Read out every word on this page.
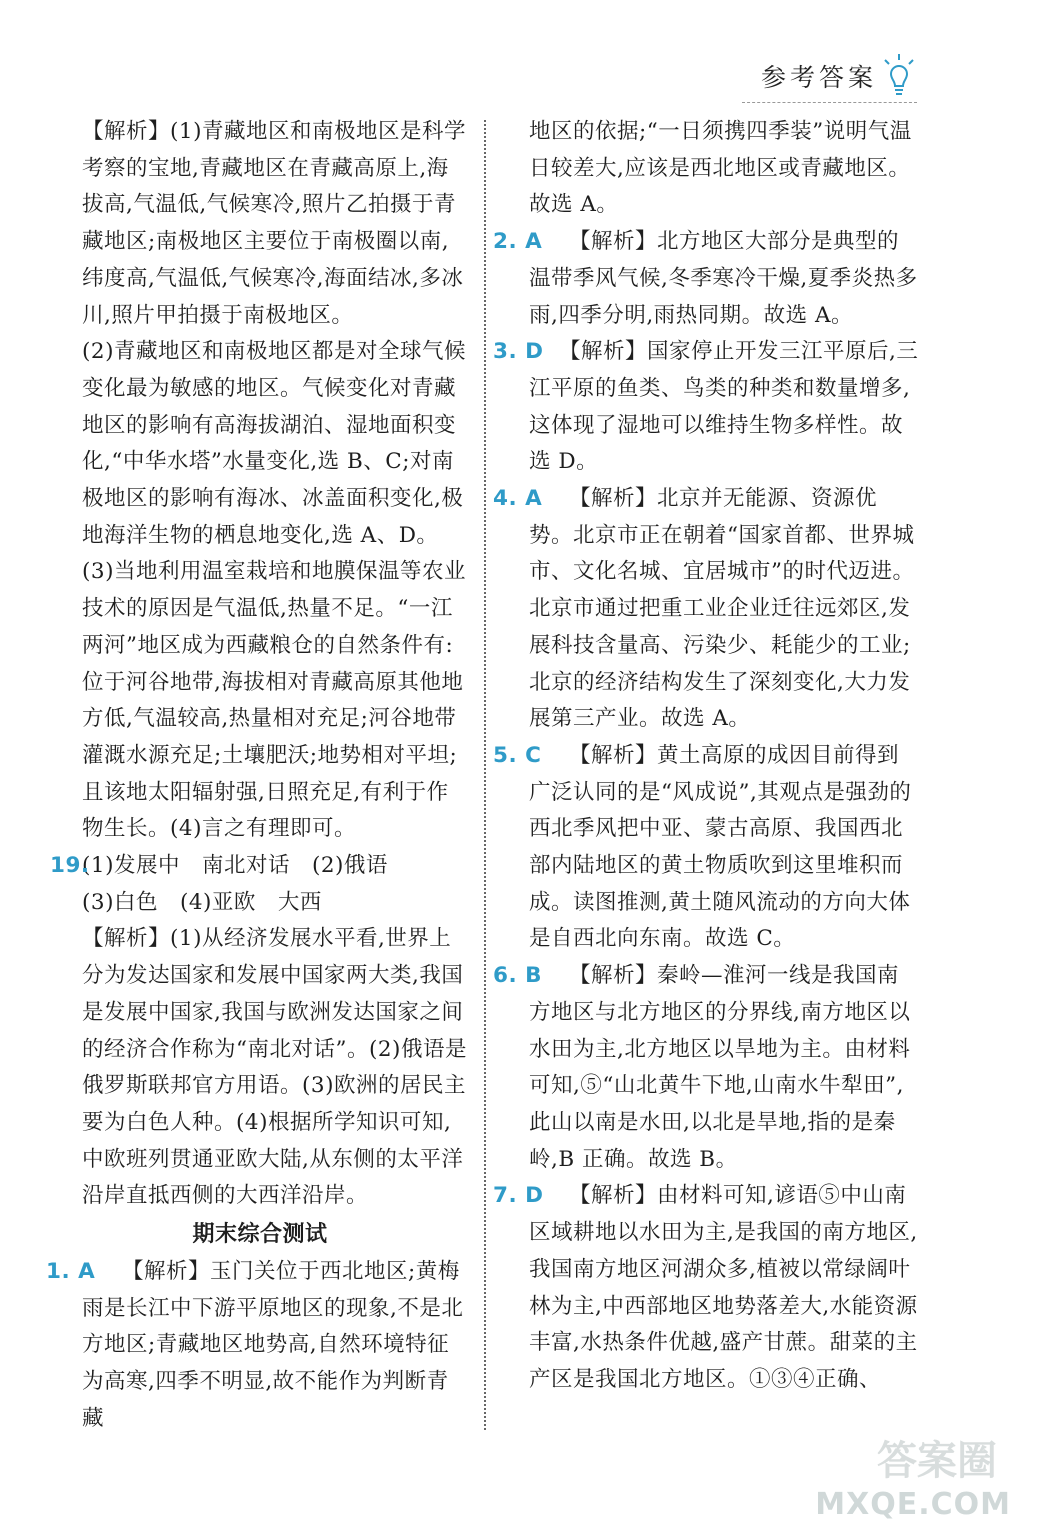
参考答案

【解析】(1)青藏地区和南极地区是科学考察的宝地,青藏地区在青藏高原上,海拔高,气温低,气候寒冷,照片乙拍摄于青藏地区;南极地区主要位于南极圈以南,纬度高,气温低,气候寒冷,海面结冰,多冰川,照片甲拍摄于南极地区。

(2)青藏地区和南极地区都是对全球气候变化最为敏感的地区。气候变化对青藏地区的影响有高海拔湖泊、湿地面积变化,“中华水塔”水量变化,选 B、C;对南极地区的影响有海冰、冰盖面积变化,极地海洋生物的栖息地变化,选 A、D。

(3)当地利用温室栽培和地膜保温等农业技术的原因是气温低,热量不足。“一江两河”地区成为西藏粮仓的自然条件有:位于河谷地带,海拔相对青藏高原其他地方低,气温较高,热量相对充足;河谷地带灌溉水源充足;土壤肥沃;地势相对平坦;且该地太阳辐射强,日照充足,有利于作物生长。(4)言之有理即可。

19.
(1)发展中　南北对话　(2)俄语
(3)白色　(4)亚欧　大西
【解析】(1)从经济发展水平看,世界上分为发达国家和发展中国家两大类,我国是发展中国家,我国与欧洲发达国家之间的经济合作称为“南北对话”。(2)俄语是俄罗斯联邦官方用语。(3)欧洲的居民主要为白色人种。(4)根据所学知识可知,中欧班列贯通亚欧大陆,从东侧的太平洋沿岸直抵西侧的大西洋沿岸。

期末综合测试

1. A 【解析】玉门关位于西北地区;黄梅雨是长江中下游平原地区的现象,不是北方地区;青藏地区地势高,自然环境特征为高寒,四季不明显,故不能作为判断青藏

地区的依据;“一日须携四季装”说明气温日较差大,应该是西北地区或青藏地区。故选 A。

2. A 【解析】北方地区大部分是典型的温带季风气候,冬季寒冷干燥,夏季炎热多雨,四季分明,雨热同期。故选 A。
3. D 【解析】国家停止开发三江平原后,三江平原的鱼类、鸟类的种类和数量增多,这体现了湿地可以维持生物多样性。故选 D。
4. A 【解析】北京并无能源、资源优势。北京市正在朝着“国家首都、世界城市、文化名城、宜居城市”的时代迈进。北京市通过把重工业企业迁往远郊区,发展科技含量高、污染少、耗能少的工业;北京的经济结构发生了深刻变化,大力发展第三产业。故选 A。
5. C 【解析】黄土高原的成因目前得到广泛认同的是“风成说”,其观点是强劲的西北季风把中亚、蒙古高原、我国西北部内陆地区的黄土物质吹到这里堆积而成。读图推测,黄土随风流动的方向大体是自西北向东南。故选 C。
6. B 【解析】秦岭—淮河一线是我国南方地区与北方地区的分界线,南方地区以水田为主,北方地区以旱地为主。由材料可知,⑤“山北黄牛下地,山南水牛犁田”,此山以南是水田,以北是旱地,指的是秦岭,B 正确。故选 B。
7. D 【解析】由材料可知,谚语⑤中山南区域耕地以水田为主,是我国的南方地区,我国南方地区河湖众多,植被以常绿阔叶林为主,中西部地区地势落差大,水能资源丰富,水热条件优越,盛产甘蔗。甜菜的主产区是我国北方地区。①③④正确、
答案圈
MXQE.COM
